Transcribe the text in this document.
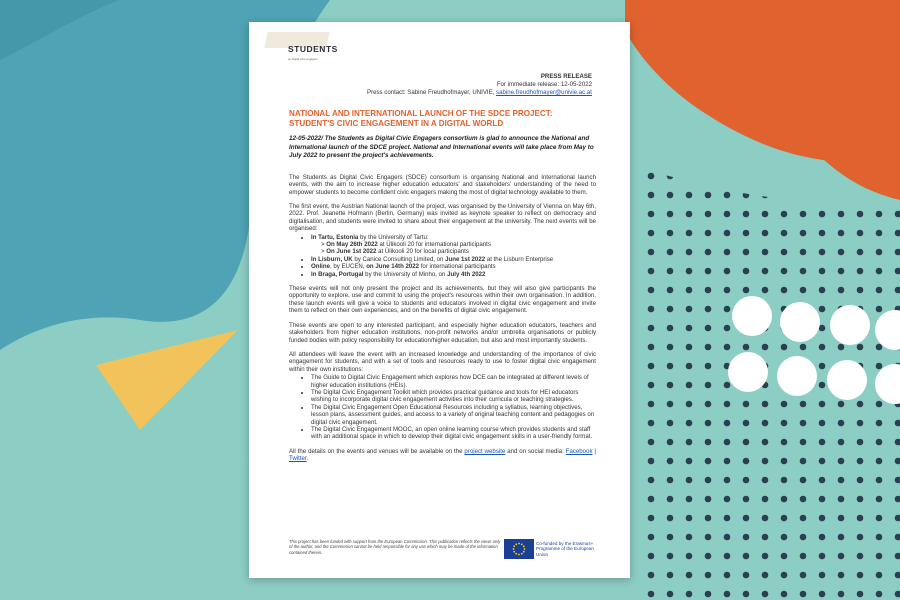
STUDENTS
as digital civic engagers
PRESS RELEASE
For immediate release: 12-05-2022
Press contact: Sabine Freudhofmayer, UNIVIE, sabine.freudhofmayer@univie.ac.at
NATIONAL AND INTERNATIONAL LAUNCH OF THE SDCE PROJECT: STUDENT'S CIVIC ENGAGEMENT IN A DIGITAL WORLD
12-05-2022/ The Students as Digital Civic Engagers consortium is glad to announce the National and International launch of the SDCE project. National and International events will take place from May to July 2022 to present the project's achievements.

The Students as Digital Civic Engagers (SDCE) consortium is organising National and International launch events, with the aim to increase higher education educators' and stakeholders' understanding of the need to empower students to become confident civic engagers making the most of digital technology available to them.

The first event, the Austrian National launch of the project, was organised by the University of Vienna on May 6th, 2022. Prof. Jeanette Hofmann (Berlin, Germany) was invited as keynote speaker to reflect on democracy and digitalisation, and students were invited to share about their engagement at the university. The next events will be organised:

• In Tartu, Estonia by the University of Tartu:
> On May 26th 2022 at Ülikooli 20 for international participants
> On June 1st 2022 at Ülikooli 20 for local participants
• In Lisburn, UK by Canice Consulting Limited, on June 1st 2022 at the Lisburn Enterprise
• Online, by EUCEN, on June 14th 2022 for international participants
• In Braga, Portugal by the University of Minho, on July 4th 2022

These events will not only present the project and its achievements, but they will also give participants the opportunity to explore, use and commit to using the project's resources within their own organisation. In addition, these launch events will give a voice to students and educators involved in digital civic engagement and invite them to reflect on their own experiences, and on the benefits of digital civic engagement.

These events are open to any interested participant, and especially higher education educators, teachers and stakeholders from higher education institutions, non-profit networks and/or umbrella organisations or publicly funded bodies with policy responsibility for education/higher education, but also and most importantly students.

All attendees will leave the event with an increased knowledge and understanding of the importance of civic engagement for students, and with a set of tools and resources ready to use to foster digital civic engagement within their own institutions:

• The Guide to Digital Civic Engagement which explores how DCE can be integrated at different levels of higher education institutions (HEIs).
• The Digital Civic Engagement Toolkit which provides practical guidance and tools for HEI educators wishing to incorporate digital civic engagement activities into their curricula or teaching strategies.
• The Digital Civic Engagement Open Educational Resources including a syllabus, learning objectives, lesson plans, assessment guides, and access to a variety of original teaching content and pedagogies on digital civic engagement.
• The Digital Civic Engagement MOOC, an open online learning course which provides students and staff with an additional space in which to develop their digital civic engagement skills in a user-friendly format.

All the details on the events and venues will be available on the project website and on social media: Facebook | Twitter.

This project has been funded with support from the European Commission. This publication reflects the views only of the author, and the Commission cannot be held responsible for any use which may be made of the information contained therein.
Co-funded by the Erasmus+ Programme of the European Union
